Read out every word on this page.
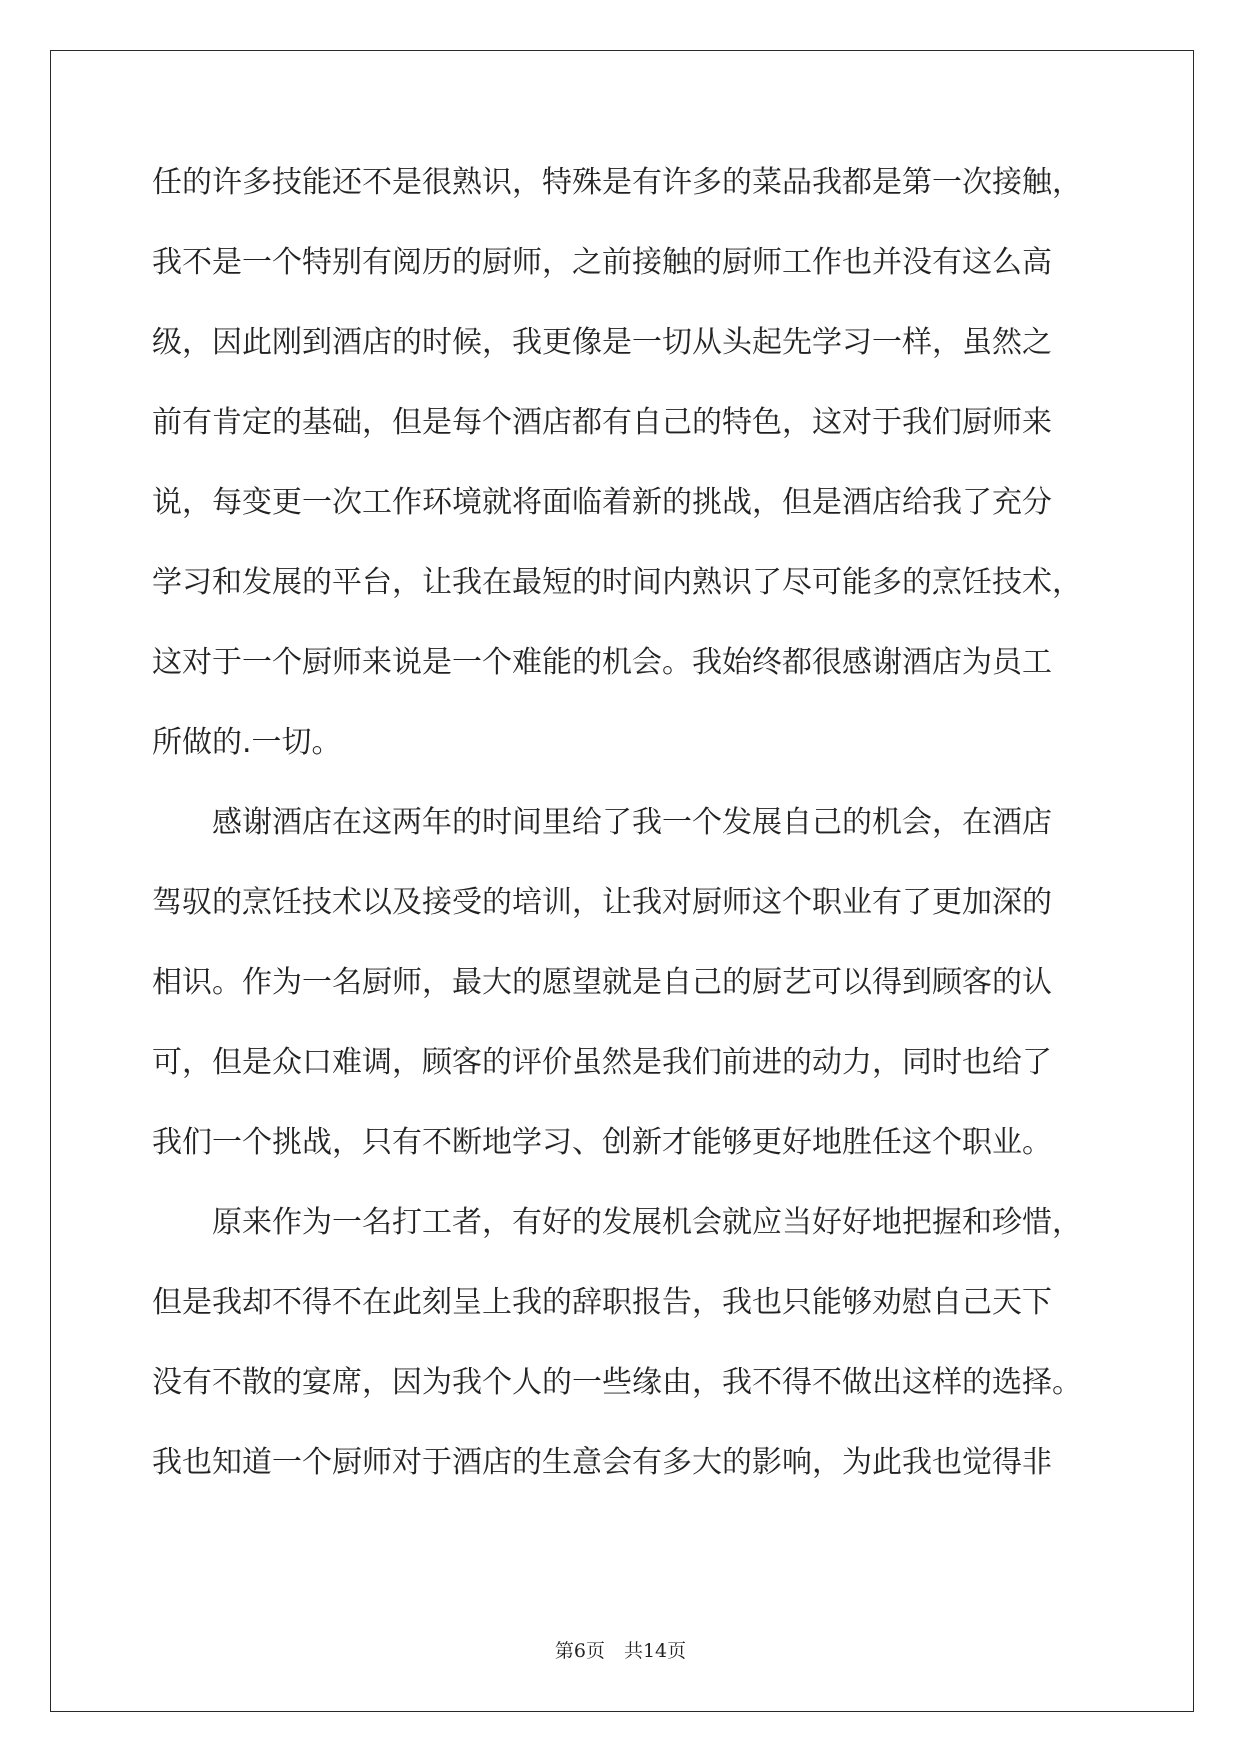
任的许多技能还不是很熟识，特殊是有许多的菜品我都是第一次接触，
我不是一个特别有阅历的厨师，之前接触的厨师工作也并没有这么高
级，因此刚到酒店的时候，我更像是一切从头起先学习一样，虽然之
前有肯定的基础，但是每个酒店都有自己的特色，这对于我们厨师来
说，每变更一次工作环境就将面临着新的挑战，但是酒店给我了充分
学习和发展的平台，让我在最短的时间内熟识了尽可能多的烹饪技术，
这对于一个厨师来说是一个难能的机会。我始终都很感谢酒店为员工
所做的.一切。
　　感谢酒店在这两年的时间里给了我一个发展自己的机会，在酒店
驾驭的烹饪技术以及接受的培训，让我对厨师这个职业有了更加深的
相识。作为一名厨师，最大的愿望就是自己的厨艺可以得到顾客的认
可，但是众口难调，顾客的评价虽然是我们前进的动力，同时也给了
我们一个挑战，只有不断地学习、创新才能够更好地胜任这个职业。
　　原来作为一名打工者，有好的发展机会就应当好好地把握和珍惜，
但是我却不得不在此刻呈上我的辞职报告，我也只能够劝慰自己天下
没有不散的宴席，因为我个人的一些缘由，我不得不做出这样的选择。
我也知道一个厨师对于酒店的生意会有多大的影响，为此我也觉得非
第6页　共14页
